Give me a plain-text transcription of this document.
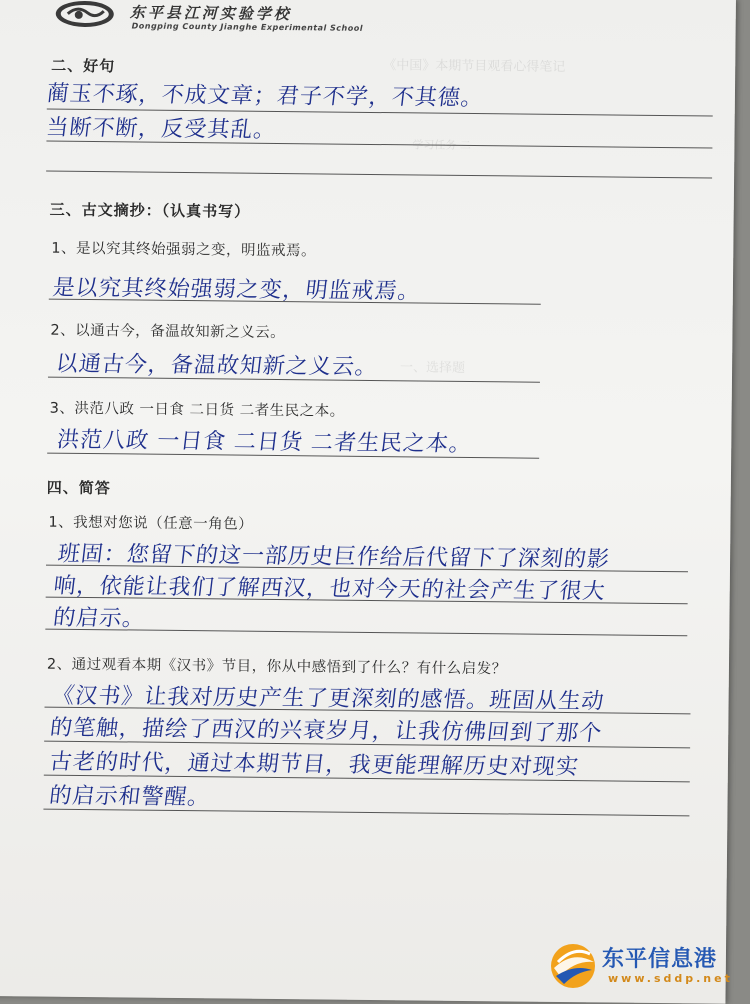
《中国》本期节目观看心得笔记
学习任务 二

一、选择题

东平县江河实验学校
Dongping County Jianghe Experimental School
二、好句
蔺玉不琢，不成文章；君子不学，不其德。
当断不断，反受其乱。
三、古文摘抄：（认真书写）
1、是以究其终始强弱之变，明监戒焉。
是以究其终始强弱之变，明监戒焉。
2、以通古今，备温故知新之义云。
以通古今，备温故知新之义云。
3、洪范八政 一日食 二日货 二者生民之本。
洪范八政 一日食 二日货 二者生民之本。
四、简答
1、我想对您说（任意一角色）
班固：您留下的这一部历史巨作给后代留下了深刻的影
响，依能让我们了解西汉，也对今天的社会产生了很大
的启示。
2、通过观看本期《汉书》节目，你从中感悟到了什么？有什么启发？
《汉书》让我对历史产生了更深刻的感悟。班固从生动
的笔触，描绘了西汉的兴衰岁月，让我仿佛回到了那个
古老的时代，通过本期节目，我更能理解历史对现实
的启示和警醒。
东平信息港
www.sddp.net
